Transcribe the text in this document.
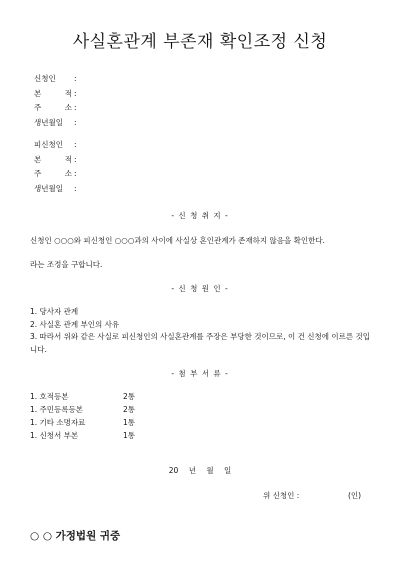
사실혼관계 부존재 확인조정 신청
신청인	:
본 적 :
주 소 :
생년월일	:
피신청인	:
본 적 :
주 소 :
생년월일	:
- 신 청 취 지 -
신청인 ○○○와 피신청인 ○○○과의 사이에 사실상 혼인관계가 존재하지 않음을 확인한다.
라는 조정을 구합니다.
- 신 청 원 인 -
1. 당사자 관계
2. 사실혼 관계 부인의 사유
3. 따라서 위와 같은 사실로 피신청인의 사실혼관계를 주장은 부당한 것이므로, 이 건 신청에 이르른 것입니다.
- 첨 부 서 류 -
1. 호적등본	2통
1. 주민등록등본	2통
1. 기타 소명자료	1통
1. 신청서 부본	1통
20 년 월 일
위 신청인 :	(인)
○ ○ 가정법원 귀중
